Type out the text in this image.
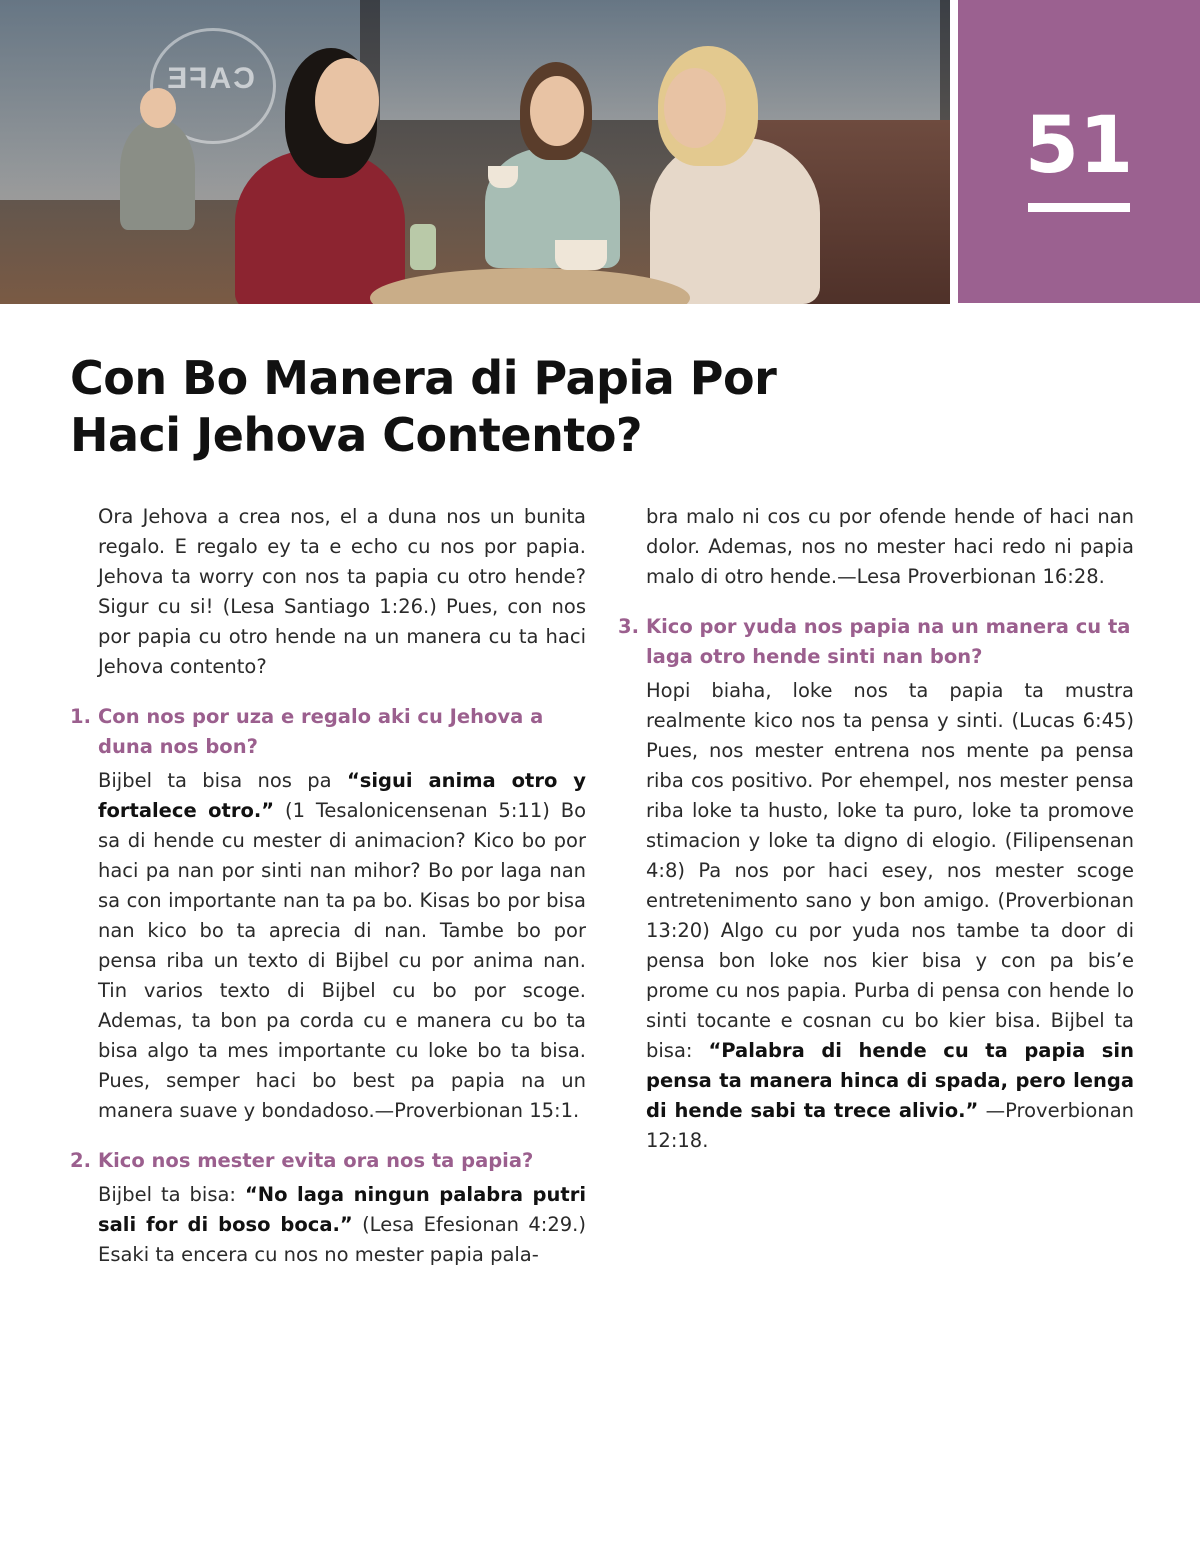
CAFE
51
Con Bo Manera di Papia Por
Haci Jehova Contento?

Ora Jehova a crea nos, el a duna nos un bunita regalo. E regalo ey ta e echo cu nos por papia. Jehova ta worry con nos ta papia cu otro hende? Sigur cu si! (Lesa Santiago 1:26.) Pues, con nos por papia cu otro hende na un manera cu ta haci Jehova contento?

1. Con nos por uza e regalo aki cu Jehova a duna nos bon?

Bijbel ta bisa nos pa “sigui anima otro y fortalece otro.” (1 Tesalonicensenan 5:11) Bo sa di hende cu mester di animacion? Kico bo por haci pa nan por sinti nan mihor? Bo por laga nan sa con importante nan ta pa bo. Kisas bo por bisa nan kico bo ta aprecia di nan. Tambe bo por pensa riba un texto di Bijbel cu por anima nan. Tin varios texto di Bijbel cu bo por scoge. Ademas, ta bon pa corda cu e manera cu bo ta bisa algo ta mes importante cu loke bo ta bisa. Pues, semper haci bo best pa papia na un manera suave y bondadoso.—Proverbionan 15:1.

2. Kico nos mester evita ora nos ta papia?

Bijbel ta bisa: “No laga ningun palabra putri sali for di boso boca.” (Lesa Efesionan 4:29.) Esaki ta encera cu nos no mester papia pala-

bra malo ni cos cu por ofende hende of haci nan dolor. Ademas, nos no mester haci redo ni papia malo di otro hende.—Lesa Proverbionan 16:28.

3. Kico por yuda nos papia na un manera cu ta laga otro hende sinti nan bon?

Hopi biaha, loke nos ta papia ta mustra realmente kico nos ta pensa y sinti. (Lucas 6:45) Pues, nos mester entrena nos mente pa pensa riba cos positivo. Por ehempel, nos mester pensa riba loke ta husto, loke ta puro, loke ta promove stimacion y loke ta digno di elogio. (Filipensenan 4:8) Pa nos por haci esey, nos mester scoge entretenimento sano y bon amigo. (Proverbionan 13:20) Algo cu por yuda nos tambe ta door di pensa bon loke nos kier bisa y con pa bis’e prome cu nos papia. Purba di pensa con hende lo sinti tocante e cosnan cu bo kier bisa. Bijbel ta bisa: “Palabra di hende cu ta papia sin pensa ta manera hinca di spada, pero lenga di hende sabi ta trece alivio.” —Proverbionan 12:18.
